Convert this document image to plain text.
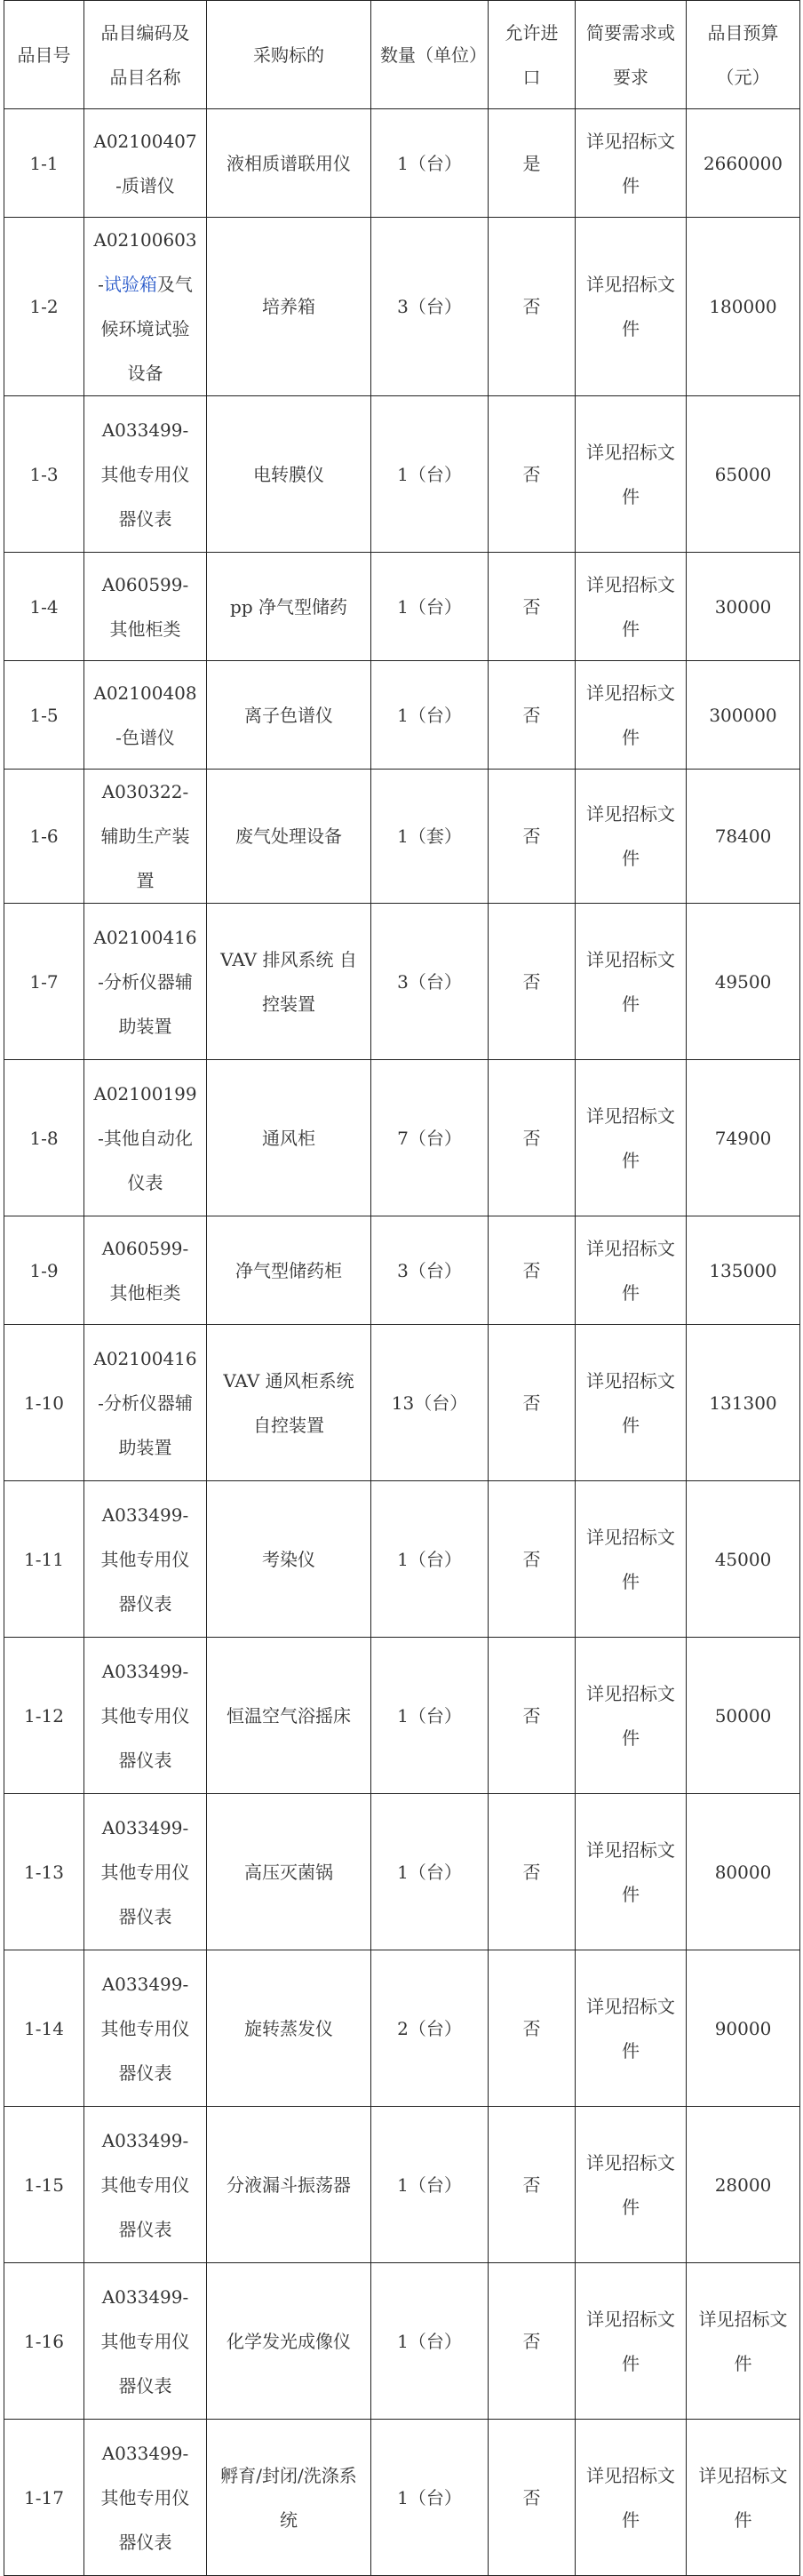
品目号	品目编码及品目名称	采购标的	数量（单位）	允许进口	简要需求或要求	品目预算（元）
1-1	A02100407-质谱仪	液相质谱联用仪	1（台）	是	详见招标文件	2660000
1-2	A02100603-试验箱及气候环境试验设备	培养箱	3（台）	否	详见招标文件	180000
1-3	A033499-其他专用仪器仪表	电转膜仪	1（台）	否	详见招标文件	65000
1-4	A060599-其他柜类	pp 净气型储药	1（台）	否	详见招标文件	30000
1-5	A02100408-色谱仪	离子色谱仪	1（台）	否	详见招标文件	300000
1-6	A030322-辅助生产装置	废气处理设备	1（套）	否	详见招标文件	78400
1-7	A02100416-分析仪器辅助装置	VAV 排风系统 自控装置	3（台）	否	详见招标文件	49500
1-8	A02100199-其他自动化仪表	通风柜	7（台）	否	详见招标文件	74900
1-9	A060599-其他柜类	净气型储药柜	3（台）	否	详见招标文件	135000
1-10	A02100416-分析仪器辅助装置	VAV 通风柜系统自控装置	13（台）	否	详见招标文件	131300
1-11	A033499-其他专用仪器仪表	考染仪	1（台）	否	详见招标文件	45000
1-12	A033499-其他专用仪器仪表	恒温空气浴摇床	1（台）	否	详见招标文件	50000
1-13	A033499-其他专用仪器仪表	高压灭菌锅	1（台）	否	详见招标文件	80000
1-14	A033499-其他专用仪器仪表	旋转蒸发仪	2（台）	否	详见招标文件	90000
1-15	A033499-其他专用仪器仪表	分液漏斗振荡器	1（台）	否	详见招标文件	28000
1-16	A033499-其他专用仪器仪表	化学发光成像仪	1（台）	否	详见招标文件	详见招标文件
1-17	A033499-其他专用仪器仪表	孵育/封闭/洗涤系统	1（台）	否	详见招标文件	详见招标文件
